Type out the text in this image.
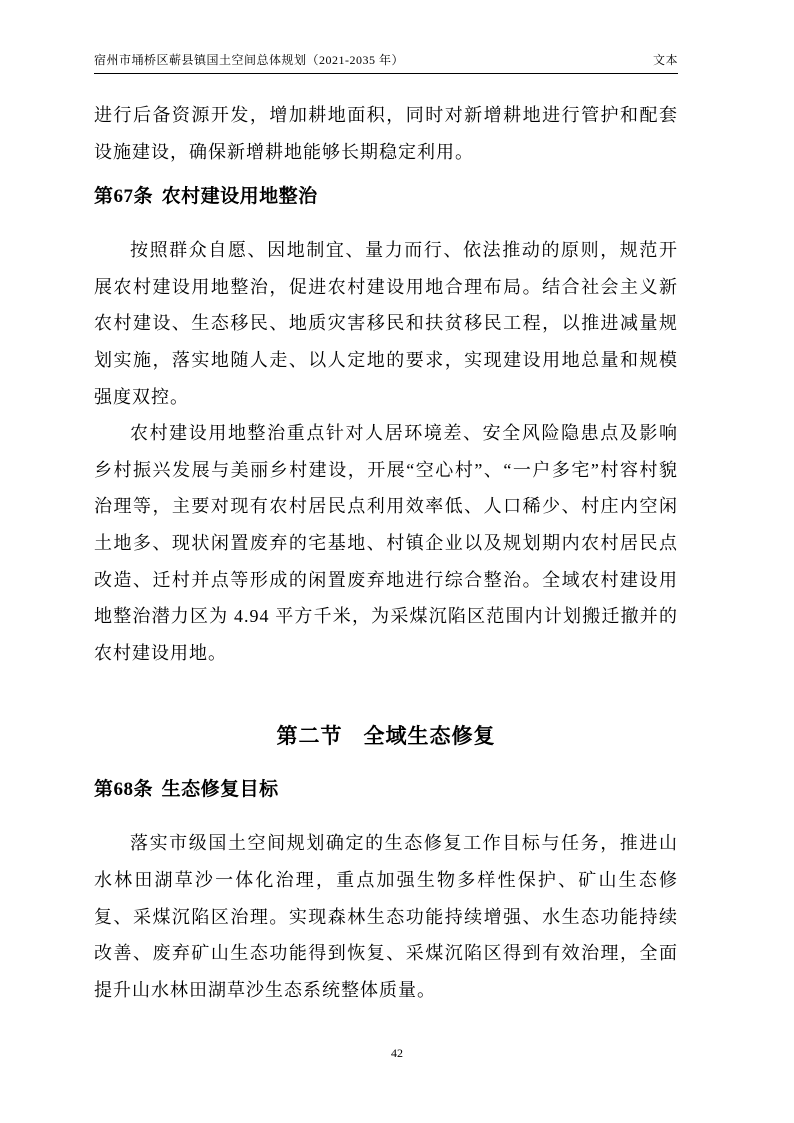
宿州市埇桥区蕲县镇国土空间总体规划（2021-2035 年）	文本

进行后备资源开发，增加耕地面积，同时对新增耕地进行管护和配套设施建设，确保新增耕地能够长期稳定利用。

第67条 农村建设用地整治

按照群众自愿、因地制宜、量力而行、依法推动的原则，规范开展农村建设用地整治，促进农村建设用地合理布局。结合社会主义新农村建设、生态移民、地质灾害移民和扶贫移民工程，以推进减量规划实施，落实地随人走、以人定地的要求，实现建设用地总量和规模强度双控。

农村建设用地整治重点针对人居环境差、安全风险隐患点及影响乡村振兴发展与美丽乡村建设，开展“空心村”、“一户多宅”村容村貌治理等，主要对现有农村居民点利用效率低、人口稀少、村庄内空闲土地多、现状闲置废弃的宅基地、村镇企业以及规划期内农村居民点改造、迁村并点等形成的闲置废弃地进行综合整治。全域农村建设用地整治潜力区为 4.94 平方千米，为采煤沉陷区范围内计划搬迁撤并的农村建设用地。

第二节 全域生态修复
第68条 生态修复目标

落实市级国土空间规划确定的生态修复工作目标与任务，推进山水林田湖草沙一体化治理，重点加强生物多样性保护、矿山生态修复、采煤沉陷区治理。实现森林生态功能持续增强、水生态功能持续改善、废弃矿山生态功能得到恢复、采煤沉陷区得到有效治理，全面提升山水林田湖草沙生态系统整体质量。

42
